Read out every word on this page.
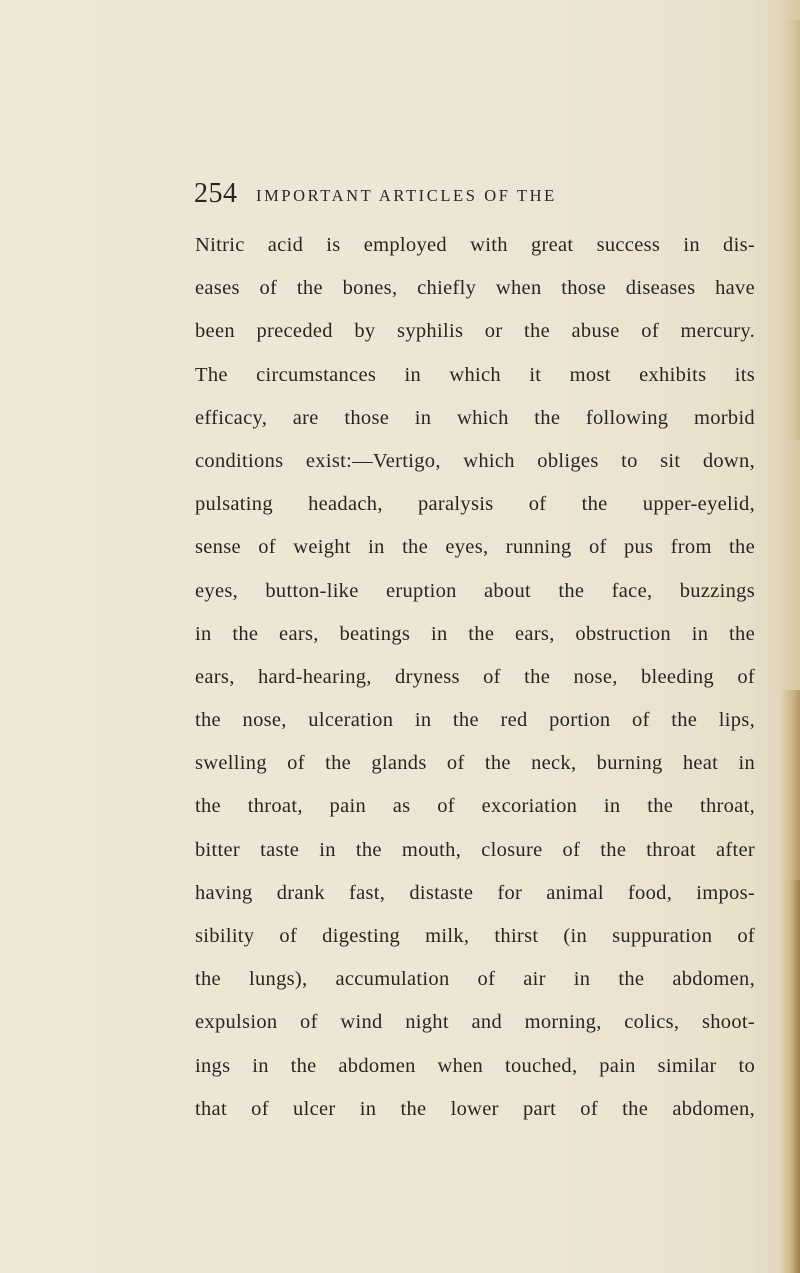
254 IMPORTANT ARTICLES OF THE
Nitric acid is employed with great success in dis-
eases of the bones, chiefly when those diseases have
been preceded by syphilis or the abuse of mercury.
The circumstances in which it most exhibits its
efficacy, are those in which the following morbid
conditions exist:—Vertigo, which obliges to sit down,
pulsating headach, paralysis of the upper-eyelid,
sense of weight in the eyes, running of pus from the
eyes, button-like eruption about the face, buzzings
in the ears, beatings in the ears, obstruction in the
ears, hard-hearing, dryness of the nose, bleeding of
the nose, ulceration in the red portion of the lips,
swelling of the glands of the neck, burning heat in
the throat, pain as of excoriation in the throat,
bitter taste in the mouth, closure of the throat after
having drank fast, distaste for animal food, impos-
sibility of digesting milk, thirst (in suppuration of
the lungs), accumulation of air in the abdomen,
expulsion of wind night and morning, colics, shoot-
ings in the abdomen when touched, pain similar to
that of ulcer in the lower part of the abdomen,
